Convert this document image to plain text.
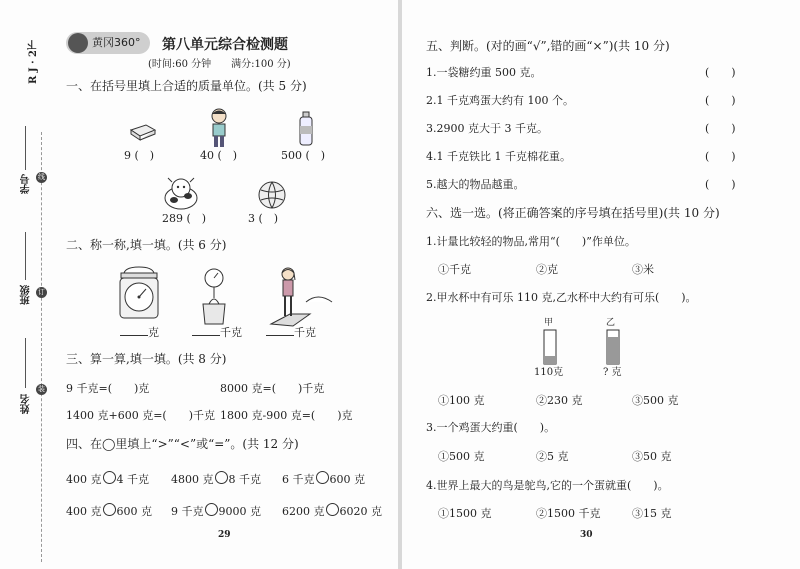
R J · 2下
线
订
装
学号
班级
姓名
黄冈360° 第八单元综合检测题
(时间:60 分钟　　满分:100 分)
一、在括号里填上合适的质量单位。(共 5 分)
9 (　)	40 (　)	500 (　)
289 (　)	3 (　)
二、称一称,填一填。(共 6 分)
克	千克	千克
三、算一算,填一填。(共 8 分)
9 千克=(　　)克	8000 克=(　　)千克
1400 克+600 克=(　　)千克 1800 克-900 克=(　　)克
四、在◯里填上“>”“<”或“=”。(共 12 分)
400 克 4 千克 4800 克 8 千克 6 千克 600 克
400 克 600 克 9 千克 9000 克 6200 克 6020 克
29
五、判断。(对的画“√”,错的画“×”)(共 10 分)
1.一袋糖约重 500 克。	(　　)
2.1 千克鸡蛋大约有 100 个。	(　　)
3.2900 克大于 3 千克。	(　　)
4.1 千克铁比 1 千克棉花重。	(　　)
5.越大的物品越重。	(　　)
六、选一选。(将正确答案的序号填在括号里)(共 10 分)
1.计量比较轻的物品,常用“(　　)”作单位。
①千克	②克	③米
2.甲水杯中有可乐 110 克,乙水杯中大约有可乐(　　)。
甲	乙
110克	? 克
①100 克	②230 克	③500 克
3.一个鸡蛋大约重(　　)。
①500 克	②5 克	③50 克
4.世界上最大的鸟是鸵鸟,它的一个蛋就重(　　)。
①1500 克	②1500 千克	③15 克
30
